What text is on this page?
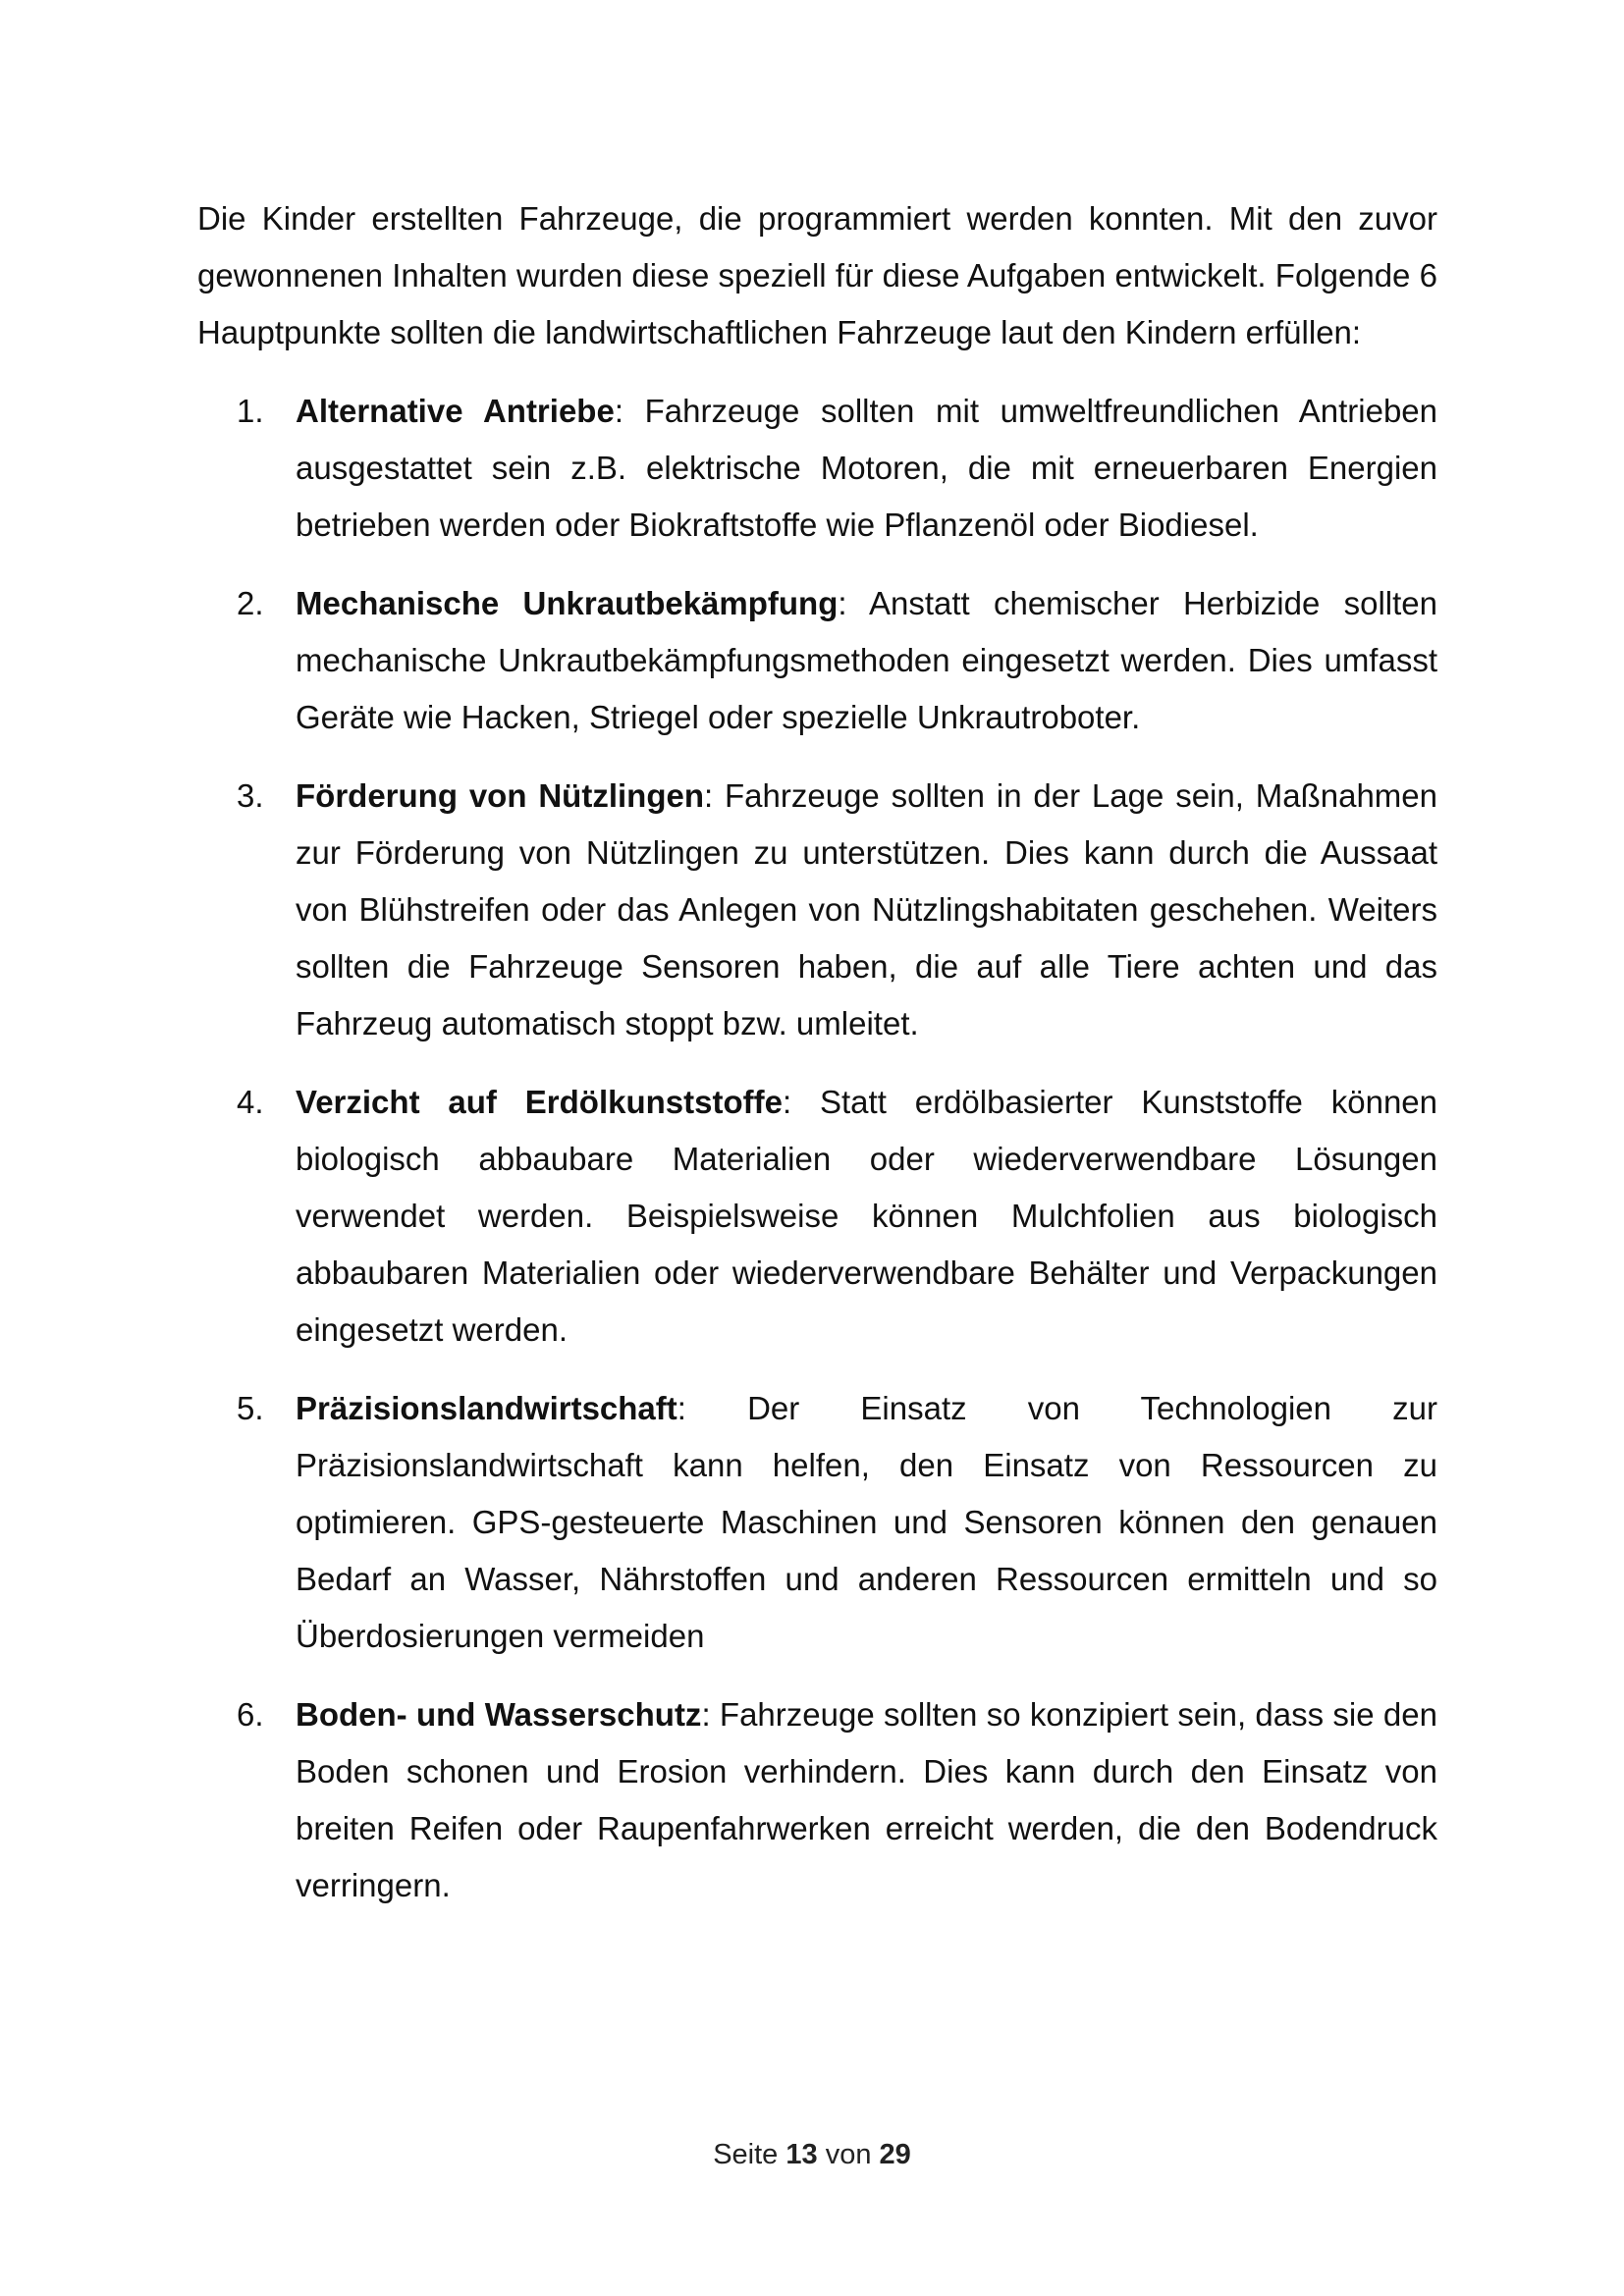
Die Kinder erstellten Fahrzeuge, die programmiert werden konnten. Mit den zuvor gewonnenen Inhalten wurden diese speziell für diese Aufgaben entwickelt. Folgende 6 Hauptpunkte sollten die landwirtschaftlichen Fahrzeuge laut den Kindern erfüllen:

1. Alternative Antriebe: Fahrzeuge sollten mit umweltfreundlichen Antrieben ausgestattet sein z.B. elektrische Motoren, die mit erneuerbaren Energien betrieben werden oder Biokraftstoffe wie Pflanzenöl oder Biodiesel.
2. Mechanische Unkrautbekämpfung: Anstatt chemischer Herbizide sollten mechanische Unkrautbekämpfungsmethoden eingesetzt werden. Dies umfasst Geräte wie Hacken, Striegel oder spezielle Unkrautroboter.
3. Förderung von Nützlingen: Fahrzeuge sollten in der Lage sein, Maßnahmen zur Förderung von Nützlingen zu unterstützen. Dies kann durch die Aussaat von Blühstreifen oder das Anlegen von Nützlingshabitaten geschehen. Weiters sollten die Fahrzeuge Sensoren haben, die auf alle Tiere achten und das Fahrzeug automatisch stoppt bzw. umleitet.
4. Verzicht auf Erdölkunststoffe: Statt erdölbasierter Kunststoffe können biologisch abbaubare Materialien oder wiederverwendbare Lösungen verwendet werden. Beispielsweise können Mulchfolien aus biologisch abbaubaren Materialien oder wiederverwendbare Behälter und Verpackungen eingesetzt werden.
5. Präzisionslandwirtschaft: Der Einsatz von Technologien zur Präzisionslandwirtschaft kann helfen, den Einsatz von Ressourcen zu optimieren. GPS-gesteuerte Maschinen und Sensoren können den genauen Bedarf an Wasser, Nährstoffen und anderen Ressourcen ermitteln und so Überdosierungen vermeiden
6. Boden- und Wasserschutz: Fahrzeuge sollten so konzipiert sein, dass sie den Boden schonen und Erosion verhindern. Dies kann durch den Einsatz von breiten Reifen oder Raupenfahrwerken erreicht werden, die den Bodendruck verringern.
Seite 13 von 29
